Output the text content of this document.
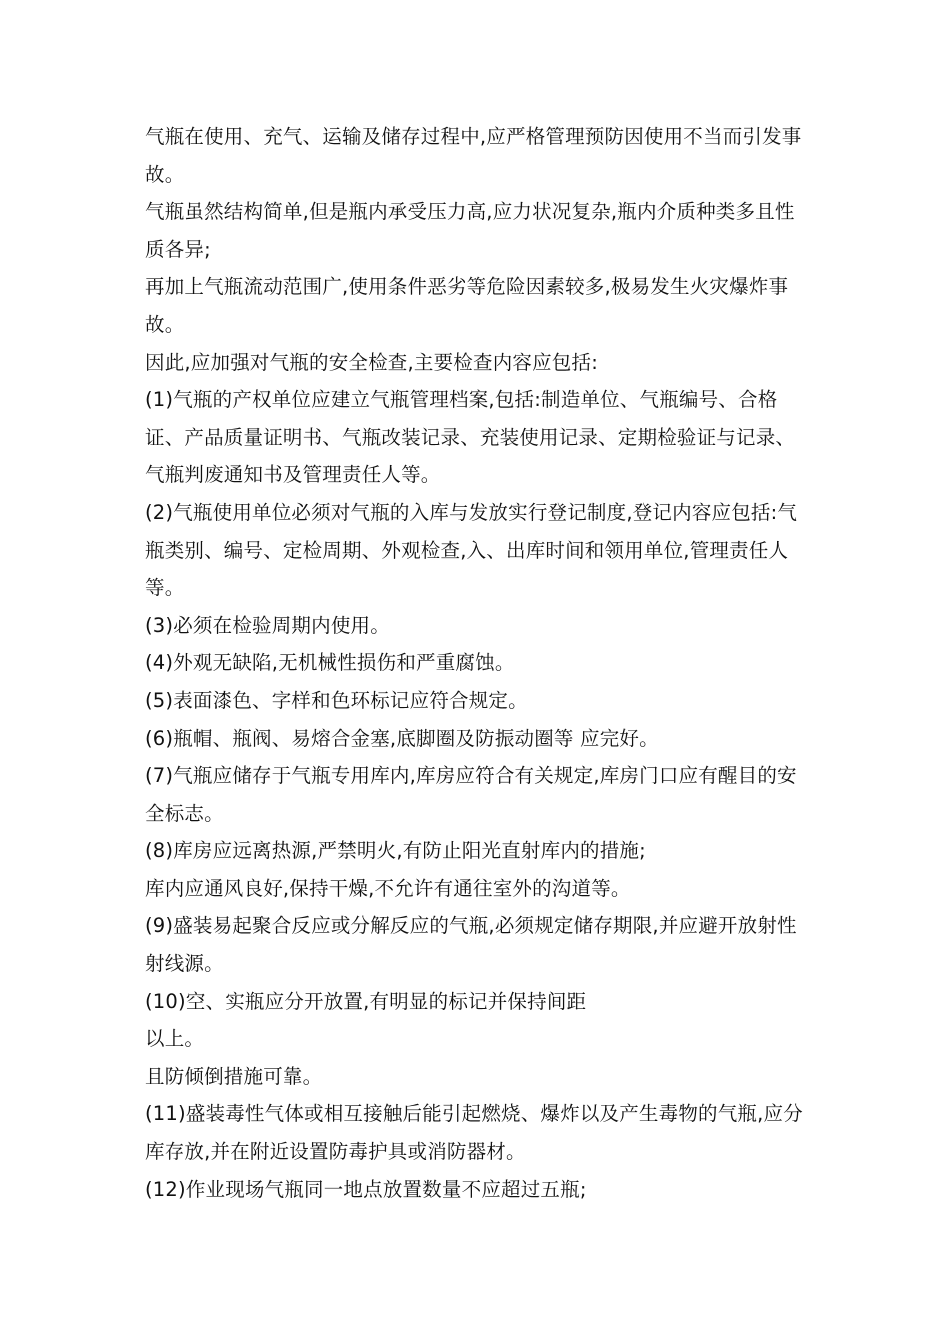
气瓶在使用、充气、运输及储存过程中,应严格管理预防因使用不当而引发事故。

气瓶虽然结构简单,但是瓶内承受压力高,应力状况复杂,瓶内介质种类多且性质各异;

再加上气瓶流动范围广,使用条件恶劣等危险因素较多,极易发生火灾爆炸事故。

因此,应加强对气瓶的安全检查,主要检查内容应包括:

(1)气瓶的产权单位应建立气瓶管理档案,包括:制造单位、气瓶编号、合格证、产品质量证明书、气瓶改装记录、充装使用记录、定期检验证与记录、气瓶判废通知书及管理责任人等。

(2)气瓶使用单位必须对气瓶的入库与发放实行登记制度,登记内容应包括:气瓶类别、编号、定检周期、外观检查,入、出库时间和领用单位,管理责任人等。

(3)必须在检验周期内使用。

(4)外观无缺陷,无机械性损伤和严重腐蚀。

(5)表面漆色、字样和色环标记应符合规定。

(6)瓶帽、瓶阀、易熔合金塞,底脚圈及防振动圈等 应完好。

(7)气瓶应储存于气瓶专用库内,库房应符合有关规定,库房门口应有醒目的安全标志。

(8)库房应远离热源,严禁明火,有防止阳光直射库内的措施;

库内应通风良好,保持干燥,不允许有通往室外的沟道等。

(9)盛装易起聚合反应或分解反应的气瓶,必须规定储存期限,并应避开放射性射线源。

(10)空、实瓶应分开放置,有明显的标记并保持间距

以上。

且防倾倒措施可靠。

(11)盛装毒性气体或相互接触后能引起燃烧、爆炸以及产生毒物的气瓶,应分库存放,并在附近设置防毒护具或消防器材。

(12)作业现场气瓶同一地点放置数量不应超过五瓶;
